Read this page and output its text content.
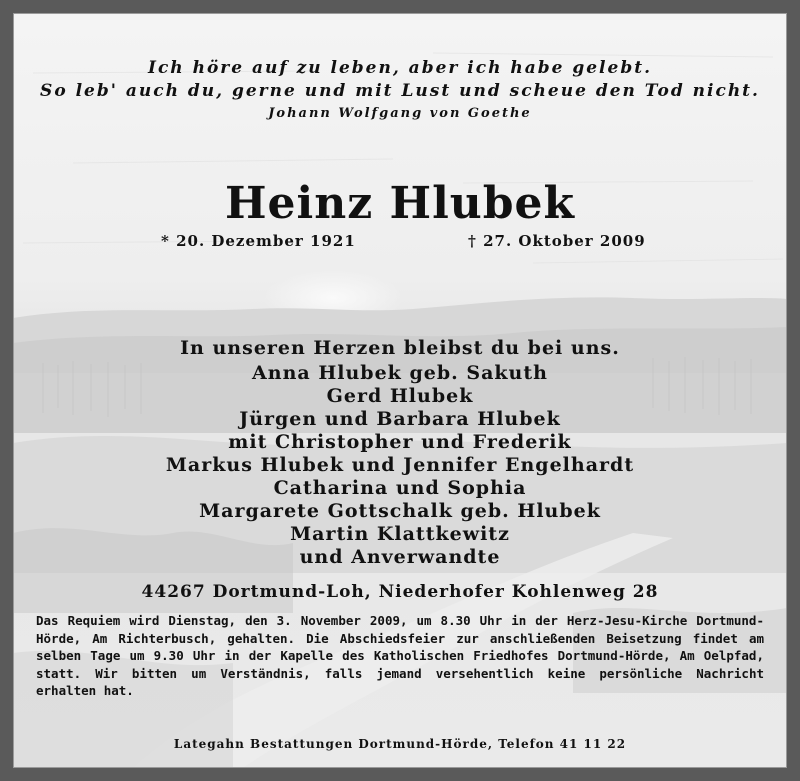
Ich höre auf zu leben, aber ich habe gelebt.
So leb' auch du, gerne und mit Lust und scheue den Tod nicht.
Johann Wolfgang von Goethe
Heinz Hlubek
* 20. Dezember 1921	† 27. Oktober 2009
In unseren Herzen bleibst du bei uns.
Anna Hlubek geb. Sakuth
Gerd Hlubek
Jürgen und Barbara Hlubek
mit Christopher und Frederik
Markus Hlubek und Jennifer Engelhardt
Catharina und Sophia
Margarete Gottschalk geb. Hlubek
Martin Klattkewitz
und Anverwandte
44267 Dortmund-Loh, Niederhofer Kohlenweg 28
Das Requiem wird Dienstag, den 3. November 2009, um 8.30 Uhr in der Herz-Jesu-Kirche Dortmund-Hörde, Am Richterbusch, gehalten. Die Abschiedsfeier zur anschließenden Beisetzung findet am selben Tage um 9.30 Uhr in der Kapelle des Katholischen Friedhofes Dortmund-Hörde, Am Oelpfad, statt. Wir bitten um Verständnis, falls jemand versehentlich keine persönliche Nachricht erhalten hat.
Lategahn Bestattungen Dortmund-Hörde, Telefon 41 11 22
